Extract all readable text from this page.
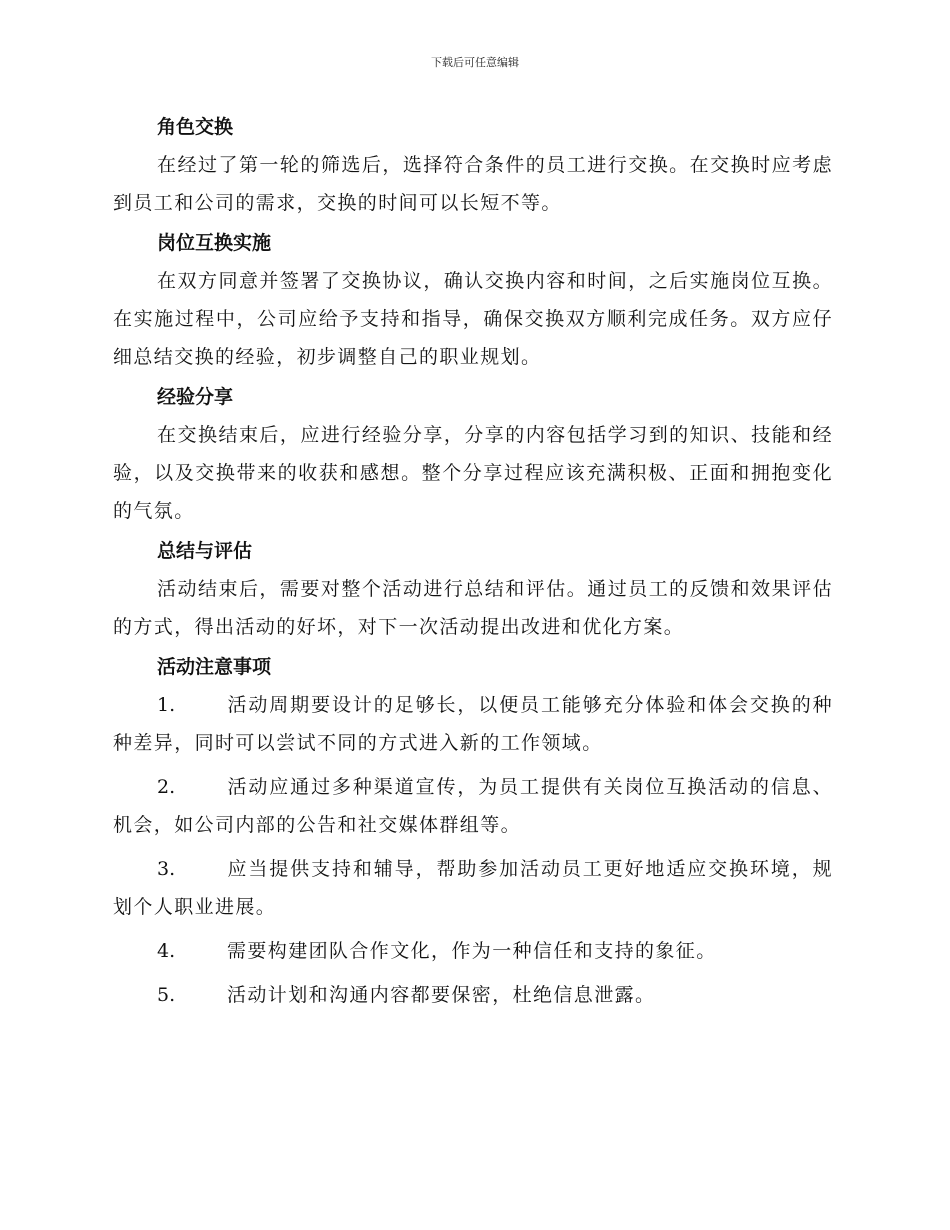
下载后可任意编辑
角色交换

在经过了第一轮的筛选后，选择符合条件的员工进行交换。在交换时应考虑到员工和公司的需求，交换的时间可以长短不等。

岗位互换实施

在双方同意并签署了交换协议，确认交换内容和时间，之后实施岗位互换。在实施过程中，公司应给予支持和指导，确保交换双方顺利完成任务。双方应仔细总结交换的经验，初步调整自己的职业规划。

经验分享

在交换结束后，应进行经验分享，分享的内容包括学习到的知识、技能和经验，以及交换带来的收获和感想。整个分享过程应该充满积极、正面和拥抱变化的气氛。

总结与评估

活动结束后，需要对整个活动进行总结和评估。通过员工的反馈和效果评估的方式，得出活动的好坏，对下一次活动提出改进和优化方案。

活动注意事项
1.	活动周期要设计的足够长，以便员工能够充分体验和体会交换的种种差异，同时可以尝试不同的方式进入新的工作领域。
2.	活动应通过多种渠道宣传，为员工提供有关岗位互换活动的信息、机会，如公司内部的公告和社交媒体群组等。
3.	应当提供支持和辅导，帮助参加活动员工更好地适应交换环境，规划个人职业进展。
4.	需要构建团队合作文化，作为一种信任和支持的象征。
5.	活动计划和沟通内容都要保密，杜绝信息泄露。
